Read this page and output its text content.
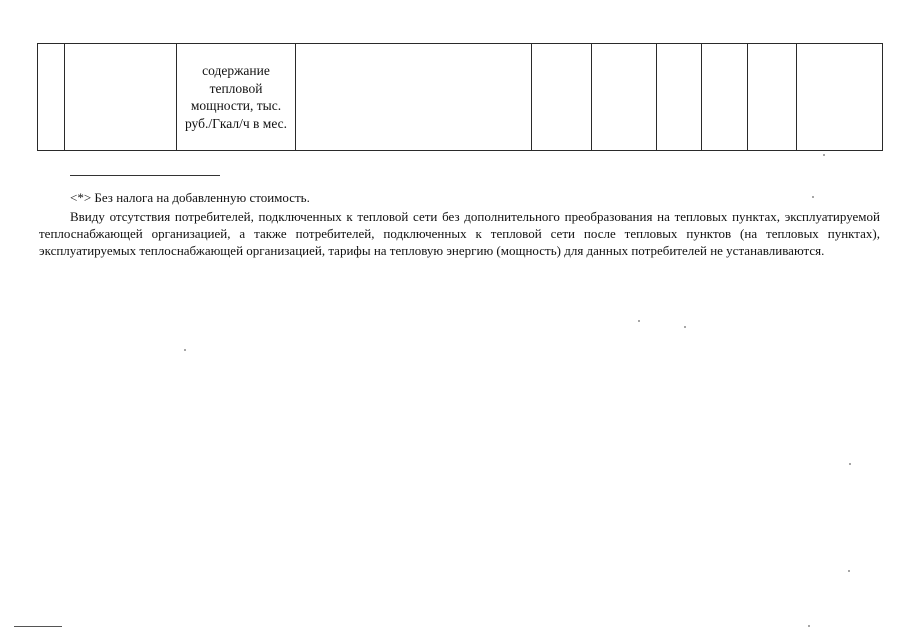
		содержание тепловой мощности, тыс. руб./Гкал/ч в мес.							
<*> Без налога на добавленную стоимость.

Ввиду отсутствия потребителей, подключенных к тепловой сети без дополнительного преобразования на тепловых пунктах, эксплуатируемой теплоснабжающей организацией, а также потребителей, подключенных к тепловой сети после тепловых пунктов (на тепловых пунктах), эксплуатируемых теплоснабжающей организацией, тарифы на тепловую энергию (мощность) для данных потребителей не устанавливаются.
